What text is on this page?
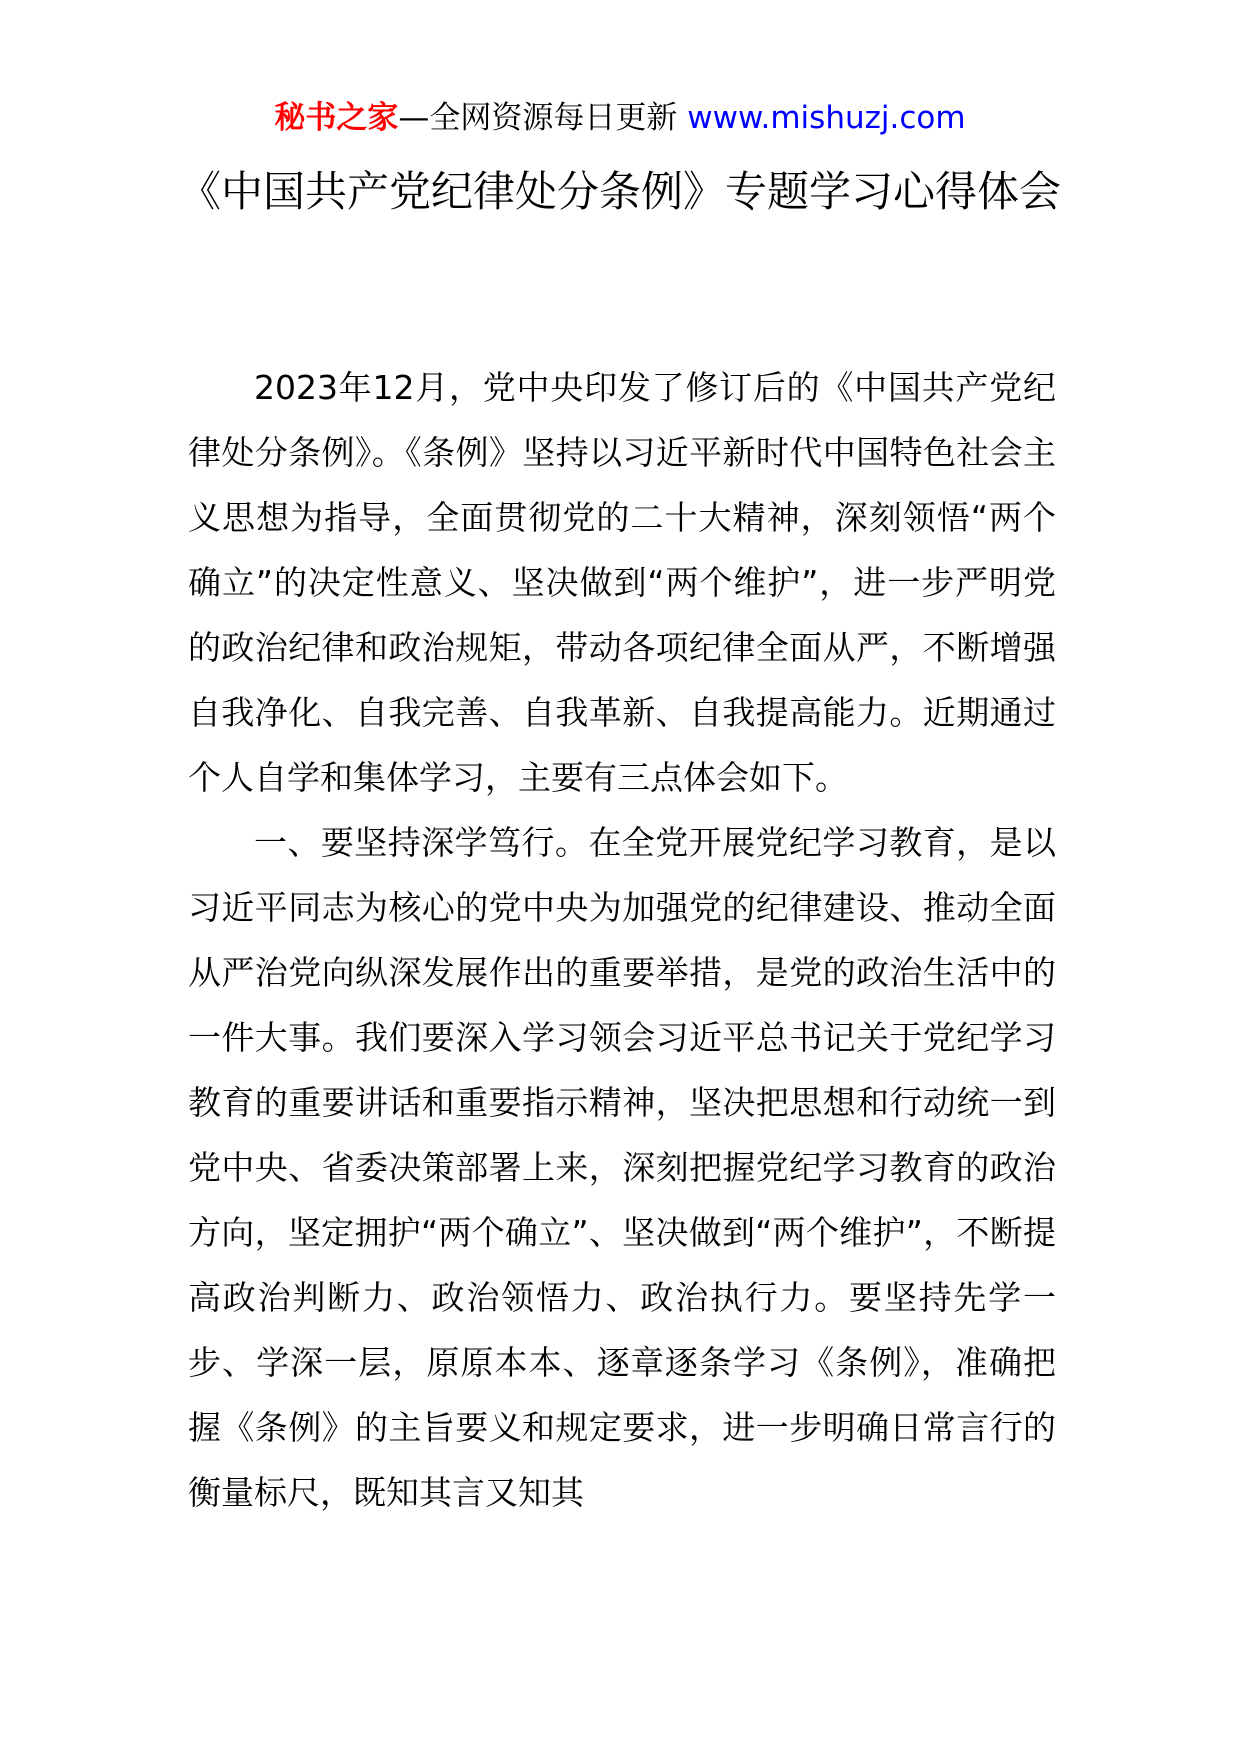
秘书之家—全网资源每日更新 www.mishuzj.com
《中国共产党纪律处分条例》专题学习心得体会

2023年12月，党中央印发了修订后的《中国共产党纪律处分条例》。《条例》坚持以习近平新时代中国特色社会主义思想为指导，全面贯彻党的二十大精神，深刻领悟“两个确立”的决定性意义、坚决做到“两个维护”，进一步严明党的政治纪律和政治规矩，带动各项纪律全面从严，不断增强自我净化、自我完善、自我革新、自我提高能力。近期通过个人自学和集体学习，主要有三点体会如下。

一、要坚持深学笃行。在全党开展党纪学习教育，是以习近平同志为核心的党中央为加强党的纪律建设、推动全面从严治党向纵深发展作出的重要举措，是党的政治生活中的一件大事。我们要深入学习领会习近平总书记关于党纪学习教育的重要讲话和重要指示精神，坚决把思想和行动统一到党中央、省委决策部署上来，深刻把握党纪学习教育的政治方向，坚定拥护“两个确立”、坚决做到“两个维护”，不断提高政治判断力、政治领悟力、政治执行力。要坚持先学一步、学深一层，原原本本、逐章逐条学习《条例》，准确把握《条例》的主旨要义和规定要求，进一步明确日常言行的衡量标尺，既知其言又知其
